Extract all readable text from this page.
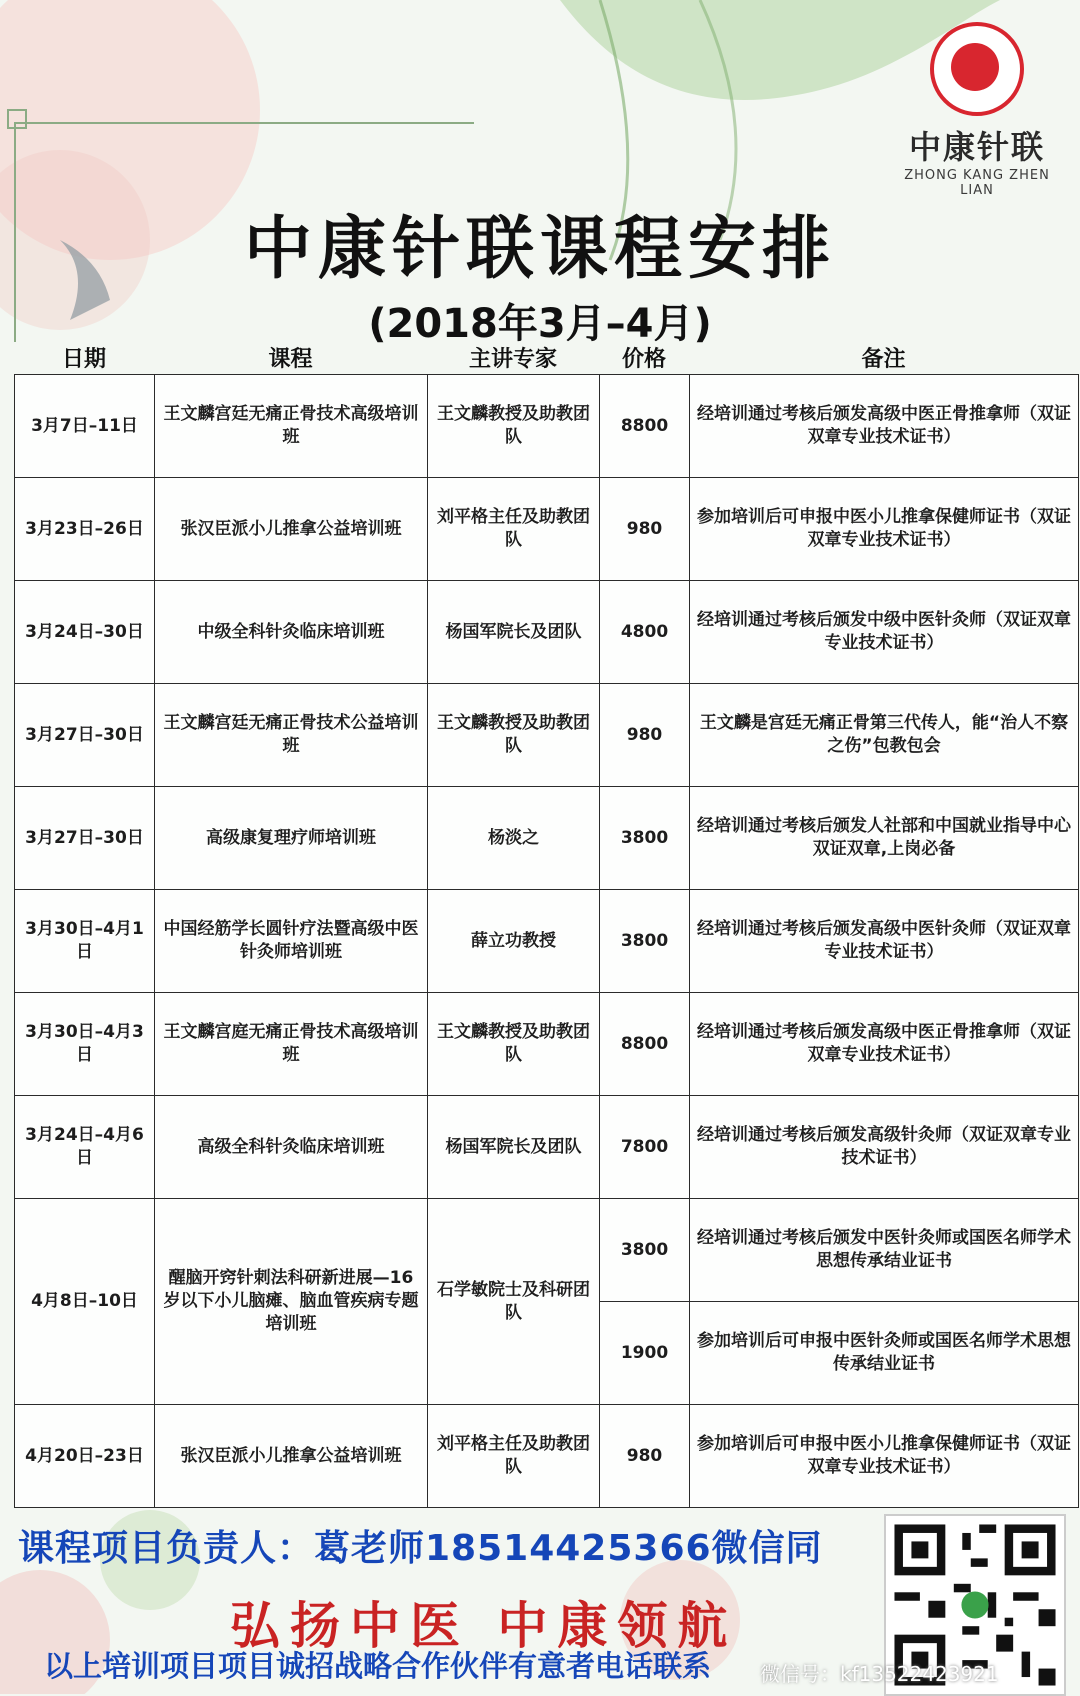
中康针联
ZHONG KANG ZHEN LIAN
中康针联课程安排
(2018年3月–4月)
日期	课程	主讲专家	价格	备注
3月7日–11日	王文麟宫廷无痛正骨技术高级培训班	王文麟教授及助教团队	8800	经培训通过考核后颁发高级中医正骨推拿师（双证双章专业技术证书）
3月23日–26日	张汉臣派小儿推拿公益培训班	刘平格主任及助教团队	980	参加培训后可申报中医小儿推拿保健师证书（双证双章专业技术证书）
3月24日–30日	中级全科针灸临床培训班	杨国军院长及团队	4800	经培训通过考核后颁发中级中医针灸师（双证双章专业技术证书）
3月27日–30日	王文麟宫廷无痛正骨技术公益培训班	王文麟教授及助教团队	980	王文麟是宫廷无痛正骨第三代传人，能“治人不察之伤”包教包会
3月27日–30日	高级康复理疗师培训班	杨淡之	3800	经培训通过考核后颁发人社部和中国就业指导中心双证双章,上岗必备
3月30日–4月1日	中国经筋学长圆针疗法暨高级中医针灸师培训班	薛立功教授	3800	经培训通过考核后颁发高级中医针灸师（双证双章专业技术证书）
3月30日–4月3日	王文麟宫庭无痛正骨技术高级培训班	王文麟教授及助教团队	8800	经培训通过考核后颁发高级中医正骨推拿师（双证双章专业技术证书）
3月24日–4月6日	高级全科针灸临床培训班	杨国军院长及团队	7800	经培训通过考核后颁发高级针灸师（双证双章专业技术证书）
4月8日–10日	醒脑开窍针刺法科研新进展—16岁以下小儿脑瘫、脑血管疾病专题培训班	石学敏院士及科研团队	3800	经培训通过考核后颁发中医针灸师或国医名师学术思想传承结业证书
			1900	参加培训后可申报中医针灸师或国医名师学术思想传承结业证书
4月20日–23日	张汉臣派小儿推拿公益培训班	刘平格主任及助教团队	980	参加培训后可申报中医小儿推拿保健师证书（双证双章专业技术证书）
课程项目负责人：葛老师18514425366微信同
弘扬中医 中康领航
以上培训项目项目诚招战略合作伙伴有意者电话联系 微信号：kf13522423921
